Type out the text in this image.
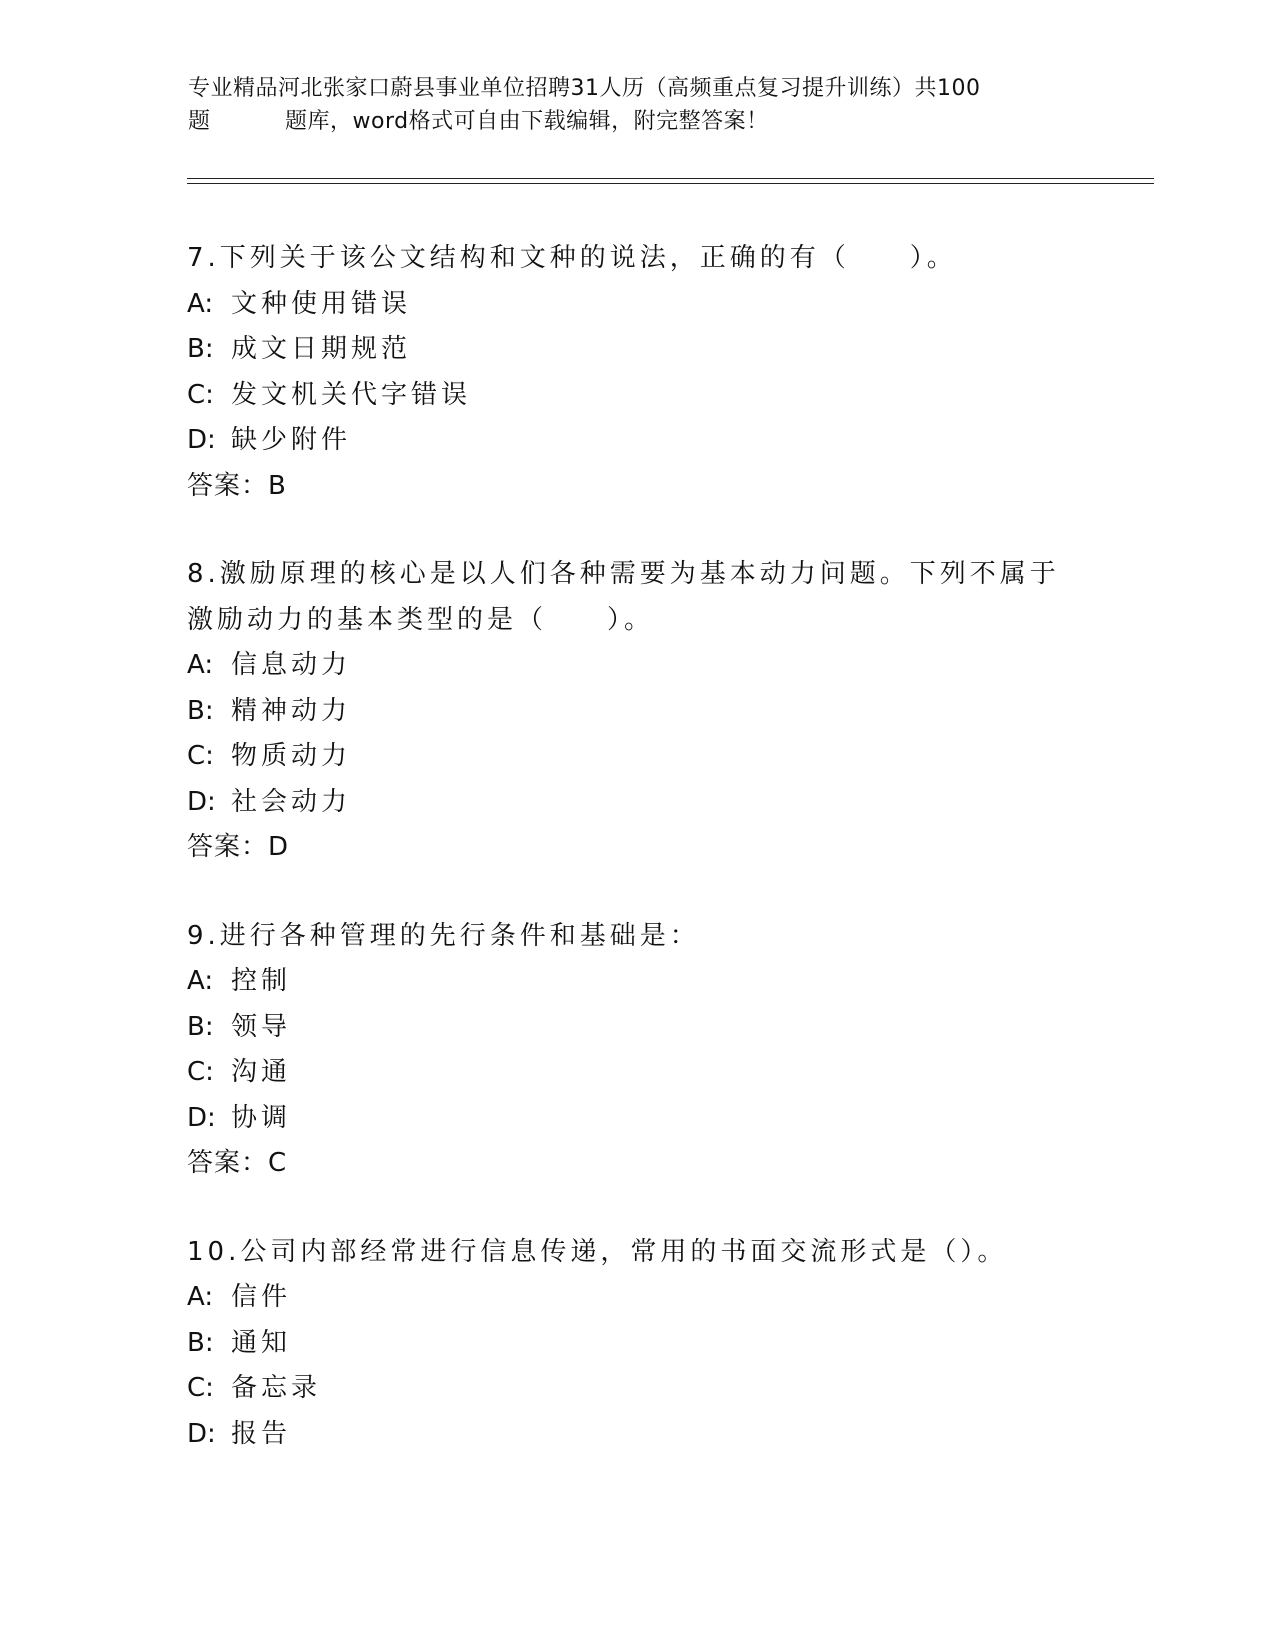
专业精品河北张家口蔚县事业单位招聘31人历（高频重点复习提升训练）共100
题	题库，word格式可自由下载编辑，附完整答案！
7.下列关于该公文结构和文种的说法，正确的有（　　）。
A: 文种使用错误
B: 成文日期规范
C: 发文机关代字错误
D: 缺少附件
答案：B
8.激励原理的核心是以人们各种需要为基本动力问题。下列不属于激励动力的基本类型的是（　　）。
A: 信息动力
B: 精神动力
C: 物质动力
D: 社会动力
答案：D
9.进行各种管理的先行条件和基础是：
A: 控制
B: 领导
C: 沟通
D: 协调
答案：C
10.公司内部经常进行信息传递，常用的书面交流形式是（）。
A: 信件
B: 通知
C: 备忘录
D: 报告
